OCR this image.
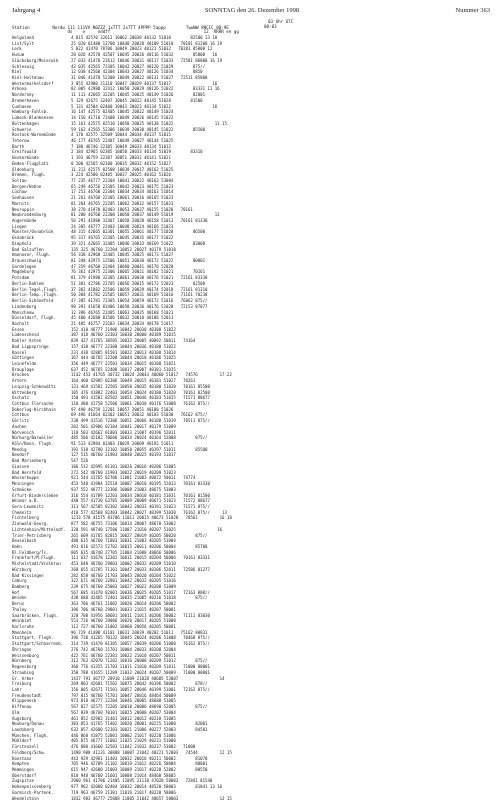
Jahrgang 4	SONNTAG den 26. Dezember 1998	Nummer 363
03 Uhr UTC
00-03
Station         Nordw 111 111VV N0ZZZ 1xTTT 2xTTT 4PPPP 5appp        7wwWW 8NCCC 88-9E
ds    e     nddff                                     12  RRRR ee gg
Helgoland	4 015 42570 22612 10062 20038 40132 51010        82500 13 10
List/Sylt	25 020 01480 12700 10048 20028 40109 51010   70181 81200 16 19
Leck	5 022 41470 70706 10049 20023 40121 51032   70281 85800 12
Husum	28 026 42570 42507 10045 20026 40116 51032        85800   16
Glücksburg/Meierwik	27 033 41470 22612 10046 20031 40117 51033   72581 86800 16 19
Schleswig	42 035 42565 72305 10042 20027 40120 51029        875//
Kiel	12 038 42560 42304 10043 20027 40126 51034        8850
Kiel-Holtenau	31 046 41470 52308 10049 20022 40131 51027   72511 85800
Westermarkelsdorf	3 055 42980 21310 10047 20029 40137 51017                 16
Arkona	82 005 42980 32412 10050 20029 40126 51022        83331 11 16
Norderney	11 113 42665 32205 10045 20025 40149 51026        82801
Bremerhaven	5 129 42675 32407 10045 20022 40145 51028        81500
Cuxhaven	5 131 42504 02400 10043 20023 40134 51022                 16
Hamburg-Fuhlsb.	16 147 42575 02405 10045 20022 40149 51024
Lübeck-Blankensee	14 156 41710 72408 10049 20026 40145 51022
Boltenhagen	15 161 42575 02510 10050 20025 40138 51022                 11 15
Schwerin	59 162 42565 52306 10039 20030 40145 51022        85500
Rostock-Warnemünde	4 170 42575 32509 10044 20034 40137 51015
Teterow	46 177 46765 22407 10049 20027 40144 51025
Barth	7 180 46746 22305 10049 20033 40134 51012
Greifswald	2 184 42965 02305 10050 20033 40134 51019        83310
Ueckermünde	1 193 46759 22307 10051 20032 40141 51021
Emden-Flugplatz	0 200 42565 02100 10035 20032 40152 51027
Oldenburg	11 213 42575 02508 10039 20017 40162 51025
Bremen, Flugh.	3 224 42580 02405 10037 20025 40162 51026
Soltau	77 235 46777 22304 10041 20022 40163 53004
Bergen/Hohne	65 249 46756 22305 10042 20023 40175 51023
Lüchow	17 253 46760 22304 10034 20034 40163 51014
Seehausen	21 261 46760 22305 10061 20016 40165 51023
Marnitz	81 264 46765 22205 10062 20032 40157 51023
Neuruppin	38 270 41970 02403 10053 20037 40155 51020   70161
Neubrandenburg	81 280 46760 22308 10050 20037 40149 51019                 13
Angermünde	56 291 41980 32407 10058 20028 40158 51013   70161 81330
Lingen	24 305 46777 22403 10048 20024 40166 51023
Münster/Osnabrück	48 315 42665 02301 10055 20061 40177 51020        86500
Osnabrück	95 317 46765 22305 10045 20035 40177 51022
Diepholz	39 321 42665 32405 10046 20033 40169 51022        83000
Bad Salzuflen	135 325 46760 22204 10052 20027 40179 51018
Hannover, Flugh.	56 338 42960 32405 10045 20025 40173 51027
Braunschweig	81 348 42975 12506 10051 20030 40172 51022        80001
Gardelegen	47 359 46760 22404 10060 20041 40170 52020
Magdeburg	76 361 42975 22306 10065 20021 40182 51021        70161
Potsdam	81 379 41980 32305 10061 20030 40176 51021   72161 83330
Berlin-Dahlem	51 381 42786 22705 10056 20015 40172 52023        82500
Berlin-Tegel,Flugh.	37 382 41882 22506 10059 20029 40174 52018   72161 81310
Berlin-Temp.,Flugh.	50 384 41782 22505 10057 20031 40169 51016   71161 70230
Berlin-Schönefeld	47 385 41781 72305 10054 20059 40172 51016   76062 875//
Lindenberg	98 393 41658 83406 10058 20036 40176 51020   72153 87077
Manschnow	12 396 46765 22405 10063 20035 40168 51021
Düsseldorf, Flugh.	45 400 42680 01506 10032 20010 40186 52013
Bocholt	21 405 46757 23203 10034 20034 40178 51017
Essen	152 410 46777 21906 10042 20030 40188 51022
Lüdenscheid	387 418 46760 22303 10030 20000 40189 51015
Kahler Asten	839 427 41765 30505 10033 20005 40092 50011   74164
Bad Lippspringe	157 430 46777 22308 10044 20036 40188 51022
Kassel	231 438 42885 01501 10022 20013 40188 51014
Göttingen	167 444 46765 22208 10044 20018 40186 51025
Leinefelde	356 449 46777 22503 10034 20015 40180 51021
Brauplage	637 452 46765 22408 10017 20007 40181 51015
Brocken	1142 453 41765 30732 10024 20043 40060 51017   74576         17 22
Artern	164 460 42985 02306 10049 20015 40181 51027   70261
Leipzig-Schkeuditz	131 469 41582 32505 10050 20035 40180 51020   70161 85500
Wittenberg	105 476 41882 22403 10054 20024 40180 51020   70161 82500
Oschatz	150 493 41582 82502 10051 20046 40183 51015   71571 88677
Cottbus Florsache	110 488 41758 52506 10061 20030 40176 51008   76162 875//
Doberlug-Kirchhain	97 490 46759 12201 10057 20051 40188 51026
Cottbus	69 496 41664 82302 10051 20032 40183 51030   76162 875//
Görlitz	238 499 41516 72306 10051 20066 40188 51019   70511 875//
Aachen	202 501 42986 02104 10041 20017 40179 51009
Nörvenich	118 503 42662 01803 10033 21007 40196 52011
Nürburg/Barweiler	485 506 42182 70606 10034 20024 40164 52008        875//
Köln/Bonn, Flugh.	91 513 42984 01403 10029 20009 40192 51011
Mendig	192 510 42780 12102 10050 20055 40197 51011        85500
Bendorf	127 515 46760 21903 10040 20025 40193 51017
Bad Marienberg	547 526
Giessen	186 532 42995 01101 10026 20016 40206 51005
Bad Hersfeld	272 542 46760 21903 10022 20019 40209 51023
Wasserkuppe	921 544 41765 82706 11001 21003 40672 50011   74774
Meiningen	453 548 41984 32510 10007 20010 40195 52013   70161 83330
Schmücke	937 552 46777 22306 10008 21003 48675 53003
Erfurt-Bindersleben	316 554 41789 12203 10034 20010 40181 51031   70161 81500
Weimar a.B.	440 557 41730 63705 10009 20009 40671 51023   71572 88677
Gera-Leumnitz	311 567 42585 82302 10042 20033 40191 51023   71571 875//
Chemnitz	418 577 42568 82403 10042 20027 40199 51030   76162 875//     13
Fichtelberg	1213 578 41575 83706 11011 20015 40673 51028   70561         16 18
Zinnwald-Georg.	877 582 46755 73106 10014 20007 48670 53002
Lichtenhain/Mittelndf. 320 591 46740 17506 11007 21010 40207 51025                 16
Trier-Petrisberg	265 609 41765 82815 10027 20019 40205 50020        875//
Deuselbach	480 615 46760 71803 10031 21003 40205 51004
Hahn	491 616 42573 52702 10015 20011 40206 50004        85700
Bl.Feldberg/Ts.	805 635 46740 27705 11004 21008 48666 50006
Frankfurt/M.Flugh.	111 637 41678 12302 10011 20015 40204 50006   70161 83331
Michelstadt/Vielbrun	453 648 46760 29803 10002 20032 40209 51010
Würzburg	268 655 41765 71101 10047 20033 40206 52011   72586 81277
Bad Kissingen	282 658 46760 21703 10043 20020 40204 51022
Coburg	322 671 46760 22801 10042 20032 40205 51016
Bamberg	239 675 46760 25003 10027 20022 40208 51009
Hof	567 685 41470 82001 10036 20025 40205 51017   72163 880//
Weiden	438 688 42465 72401 10035 21005 40216 51018        875//
Berus	363 706 46761 21002 10020 20014 40206 50002
Tholey	396 706 46760 29801 10033 21015 40207 50001
Saarbrücken, Flugh.	320 708 41956 30601 10011 21011 40206 50002   71111 83030
Weinbiet	553 726 46760 29006 10020 20017 40205 51008
Karlsruhe	112 727 46760 21002 10060 20056 40205 50001
Mannheim	96 729 41480 41101 10031 20039 40202 51011   75162 80831
Stuttgart, Flugh.	396 738 41265 70132 10045 20024 40206 51008   78460 875//
Stuttgart/Schnarrenb. 314 739 41470 81305 10057 20039 40206 51008   76162 875//
Öhringen	276 742 46760 21701 10004 20033 40208 52004
Weissenburg	422 761 46760 22301 10022 21010 40207 50011
Nürnberg	312 763 42070 71202 10016 20008 40209 51012        875//
Regensburg	366 776 41355 21703 11011 21010 40209 51011   71000 80001
Straubing	350 788 41655 11209 11032 20024 40207 50009   71000 80001
Gr. Arber	1437 791 46777 28910 11009 21028 48685 53007                 14
Freiburg	269 803 42681 71502 10075 20042 40196 50002        878//
Lahr	156 805 42671 71501 10057 20046 40199 51001   72162 875//
Freudenstadt	797 815 46760 71701 10047 20016 48464 50009
Klippeneck	973 818 46777 22204 10046 20005 48688 51005
Kiffenau	567 827 42575 72205 10010 20006 48690 52005        875//
Ulm	567 839 46760 70101 10025 20008 40207 53004
Augsburg	461 852 42982 31401 10012 20012 40218 51005
Neuburg/Donau	383 853 41765 71402 10020 20001 40225 51000        82001
Landsberg	632 857 42680 52103 10021 21006 40227 52003        84501
München, Flugh.	446 868 41875 52001 10002 21017 40220 51006
Mühldorf	405 875 46777 11002 11025 21029 40231 51000
Fürstenzell	476 880 41660 32503 11042 21032 40237 53002   71000
Feldberg/Schw.	1490 908 41131 30808 10087 21042 40221 52003   74544         12 15
Konstanz	443 929 42981 11403 10032 20016 40211 50002        81070
Kempten	705 946 42789 21102 10019 21012 40226 50004        80001
Memmingen	615 947 42680 21003 10009 21017 40220 52002        80550
Oberstdorf	810 948 46760 21601 10008 21014 48460 58005
Zugspitze	2960 961 41786 21405 11095 21110 47020 58003   72841 81540
Hohenpeissenberg	977 962 42080 02404 10032 20014 48520 58003        81041 13 16
Garmisch-Partenk.	719 963 46759 21301 11016 21017 40220 58006
Wendelstein	1832 983 46777 25808 11005 21042 48657 58003                 13 15
